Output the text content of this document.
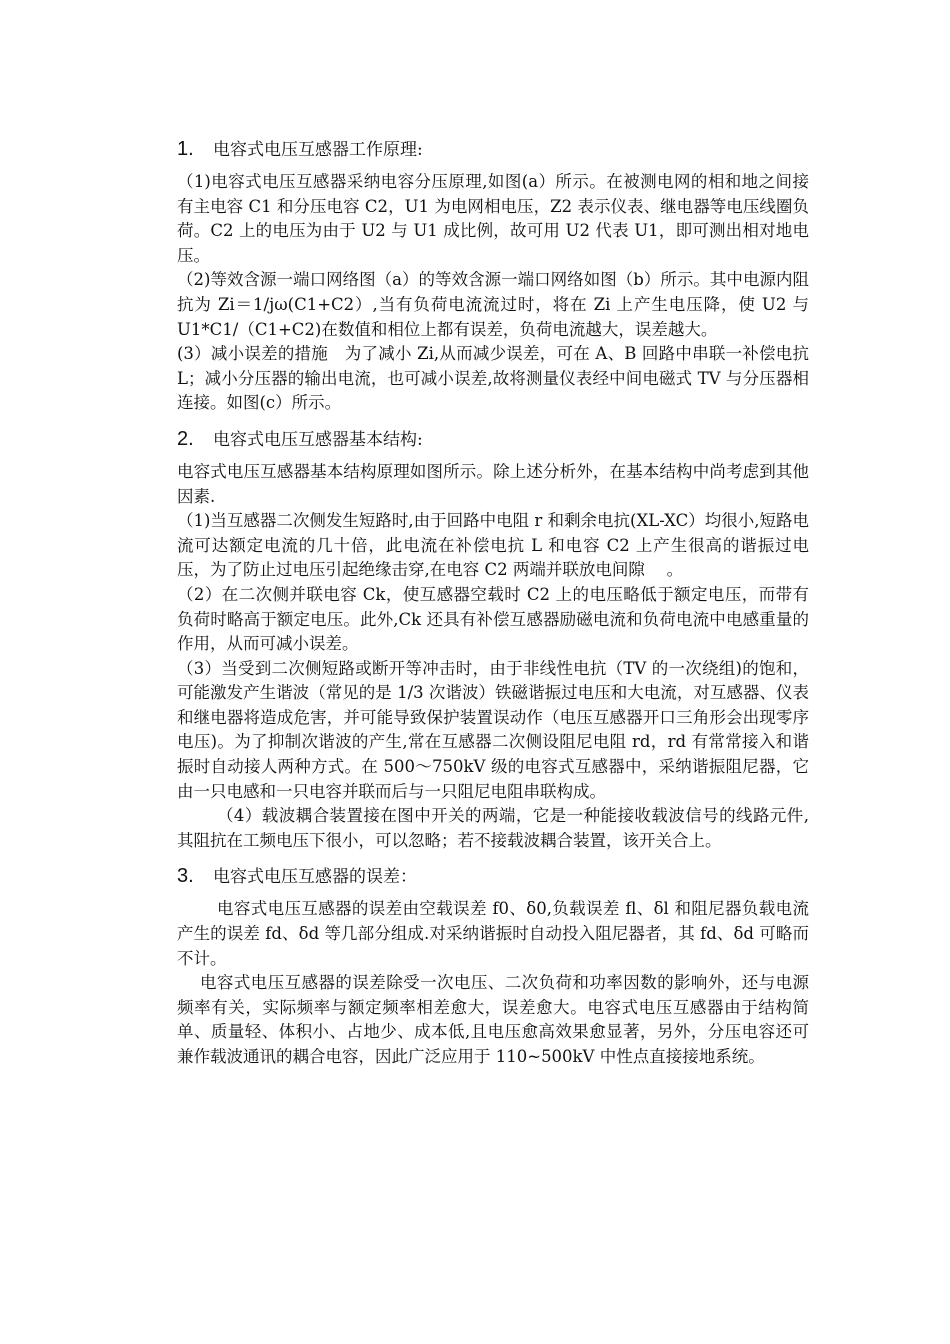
1. 电容式电压互感器工作原理:

（1)电容式电压互感器采纳电容分压原理,如图(a）所示。在被测电网的相和地之间接有主电容 C1 和分压电容 C2，U1 为电网相电压，Z2 表示仪表、继电器等电压线圈负荷。C2 上的电压为由于 U2 与 U1 成比例，故可用 U2 代表 U1，即可测出相对地电压。

（2)等效含源一端口网络图（a）的等效含源一端口网络如图（b）所示。其中电源内阻抗为 Zi＝1/jω(C1+C2）,当有负荷电流流过时，将在 Zi 上产生电压降，使 U2 与 U1*C1/（C1+C2)在数值和相位上都有误差，负荷电流越大，误差越大。

(3）减小误差的措施　为了减小 Zi,从而减少误差，可在 A、B 回路中串联一补偿电抗 L；减小分压器的输出电流，也可减小误差,故将测量仪表经中间电磁式 TV 与分压器相连接。如图(c）所示。

2. 电容式电压互感器基本结构:

电容式电压互感器基本结构原理如图所示。除上述分析外，在基本结构中尚考虑到其他因素.

（1)当互感器二次侧发生短路时,由于回路中电阻 r 和剩余电抗(XL-XC）均很小,短路电流可达额定电流的几十倍，此电流在补偿电抗 L 和电容 C2 上产生很高的谐振过电压，为了防止过电压引起绝缘击穿,在电容 C2 两端并联放电间隙　 。

（2）在二次侧并联电容 Ck，使互感器空载时 C2 上的电压略低于额定电压，而带有负荷时略高于额定电压。此外,Ck 还具有补偿互感器励磁电流和负荷电流中电感重量的作用，从而可减小误差。

（3）当受到二次侧短路或断开等冲击时，由于非线性电抗（TV 的一次绕组)的饱和，可能激发产生谐波（常见的是 1/3 次谐波）铁磁谐振过电压和大电流，对互感器、仪表和继电器将造成危害，并可能导致保护装置误动作（电压互感器开口三角形会出现零序电压)。为了抑制次谐波的产生,常在互感器二次侧设阻尼电阻 rd，rd 有常常接入和谐振时自动接人两种方式。在 500～750kV 级的电容式互感器中，采纳谐振阻尼器，它由一只电感和一只电容并联而后与一只阻尼电阻串联构成。

（4）载波耦合装置接在图中开关的两端，它是一种能接收载波信号的线路元件,其阻抗在工频电压下很小，可以忽略；若不接载波耦合装置，该开关合上。

3. 电容式电压互感器的误差：

电容式电压互感器的误差由空载误差 f0、δ0,负载误差 fl、δl 和阻尼器负载电流产生的误差 fd、δd 等几部分组成.对采纳谐振时自动投入阻尼器者，其 fd、δd 可略而不计。

电容式电压互感器的误差除受一次电压、二次负荷和功率因数的影响外，还与电源频率有关，实际频率与额定频率相差愈大，误差愈大。电容式电压互感器由于结构简单、质量轻、体积小、占地少、成本低,且电压愈高效果愈显著，另外，分压电容还可兼作载波通讯的耦合电容，因此广泛应用于 110~500kV 中性点直接接地系统。
